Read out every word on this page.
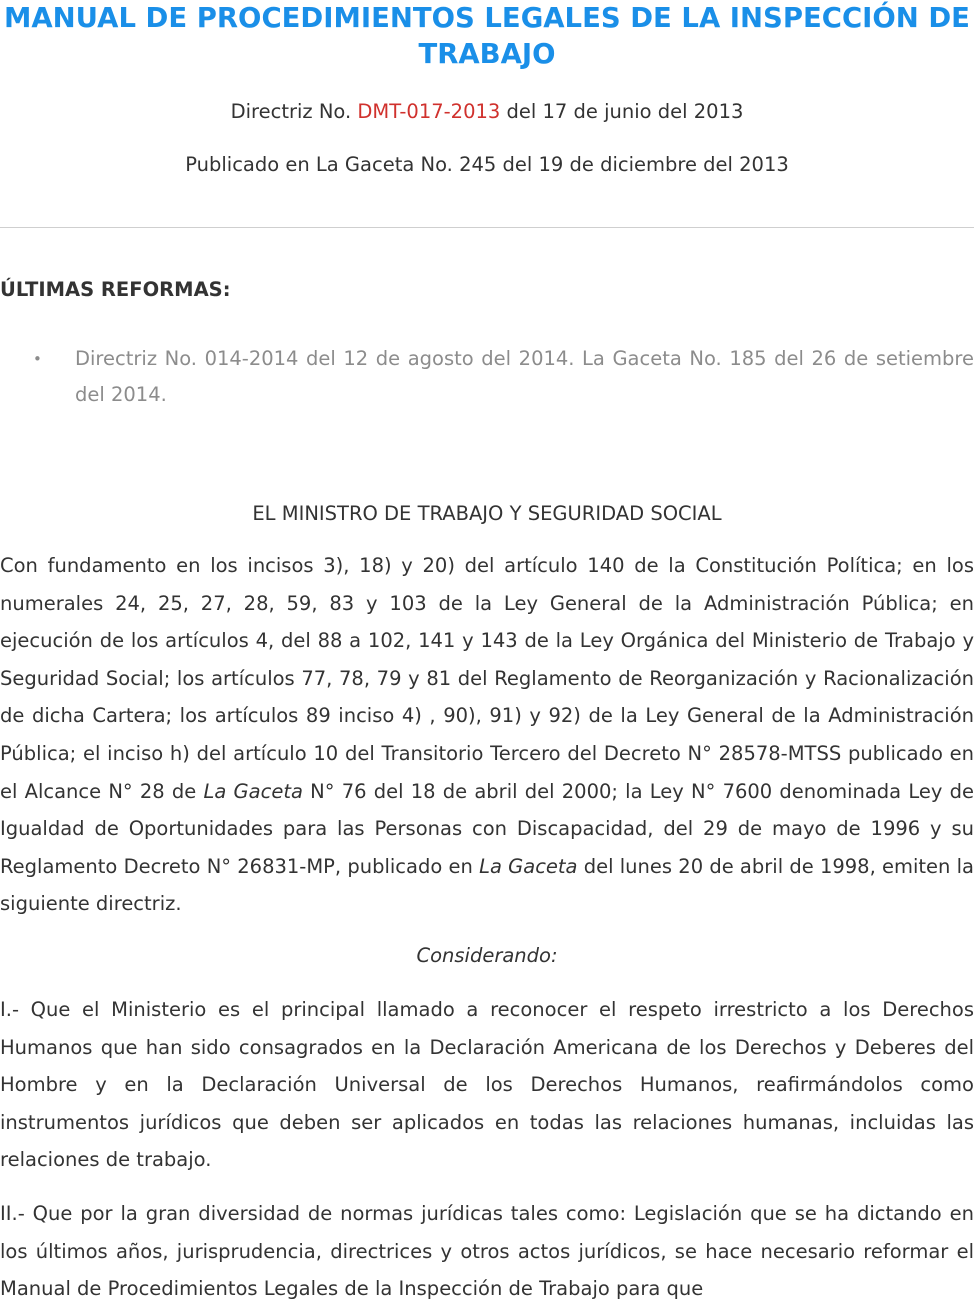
MANUAL DE PROCEDIMIENTOS LEGALES DE LA INSPECCIÓN DE TRABAJO
Directriz No. DMT-017-2013 del 17 de junio del 2013
Publicado en La Gaceta No. 245 del 19 de diciembre del 2013
ÚLTIMAS REFORMAS:
• Directriz No. 014-2014 del 12 de agosto del 2014. La Gaceta No. 185 del 26 de setiembre del 2014.
EL MINISTRO DE TRABAJO Y SEGURIDAD SOCIAL

Con fundamento en los incisos 3), 18) y 20) del artículo 140 de la Constitución Política; en los numerales 24, 25, 27, 28, 59, 83 y 103 de la Ley General de la Administración Pública; en ejecución de los artículos 4, del 88 a 102, 141 y 143 de la Ley Orgánica del Ministerio de Trabajo y Seguridad Social; los artículos 77, 78, 79 y 81 del Reglamento de Reorganización y Racionalización de dicha Cartera; los artículos 89 inciso 4) , 90), 91) y 92) de la Ley General de la Administración Pública; el inciso h) del artículo 10 del Transitorio Tercero del Decreto N° 28578-MTSS publicado en el Alcance N° 28 de La Gaceta N° 76 del 18 de abril del 2000; la Ley N° 7600 denominada Ley de Igualdad de Oportunidades para las Personas con Discapacidad, del 29 de mayo de 1996 y su Reglamento Decreto N° 26831-MP, publicado en La Gaceta del lunes 20 de abril de 1998, emiten la siguiente directriz.

Considerando:

I.- Que el Ministerio es el principal llamado a reconocer el respeto irrestricto a los Derechos Humanos que han sido consagrados en la Declaración Americana de los Derechos y Deberes del Hombre y en la Declaración Universal de los Derechos Humanos, reafirmándolos como instrumentos jurídicos que deben ser aplicados en todas las relaciones humanas, incluidas las relaciones de trabajo.

II.- Que por la gran diversidad de normas jurídicas tales como: Legislación que se ha dictando en los últimos años, jurisprudencia, directrices y otros actos jurídicos, se hace necesario reformar el Manual de Procedimientos Legales de la Inspección de Trabajo para que
